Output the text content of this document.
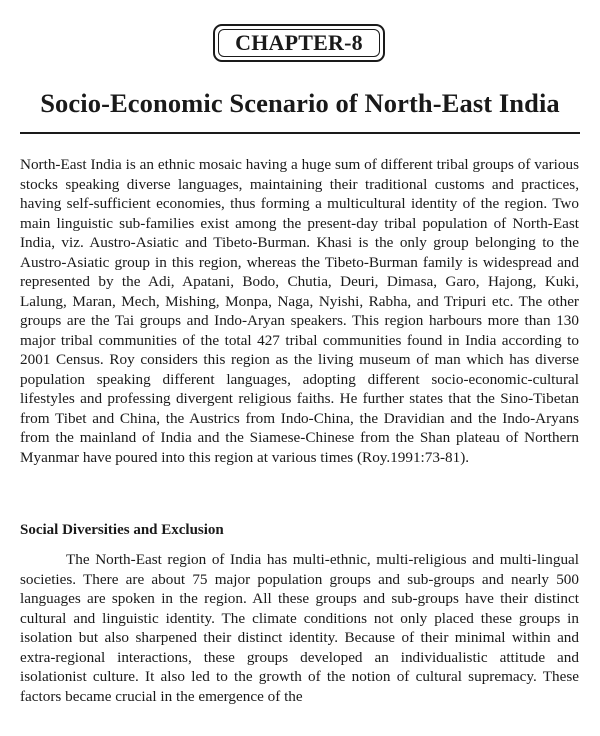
CHAPTER-8
Socio-Economic Scenario of North-East India

North-East India is an ethnic mosaic having a huge sum of different tribal groups of various stocks speaking diverse languages, maintaining their traditional customs and practices, having self-sufficient economies, thus forming a multicultural identity of the region. Two main linguistic sub-families exist among the present-day tribal population of North-East India, viz. Austro-Asiatic and Tibeto-Burman. Khasi is the only group belonging to the Austro-Asiatic group in this region, whereas the Tibeto-Burman family is widespread and represented by the Adi, Apatani, Bodo, Chutia, Deuri, Dimasa, Garo, Hajong, Kuki, Lalung, Maran, Mech, Mishing, Monpa, Naga, Nyishi, Rabha, and Tripuri etc. The other groups are the Tai groups and Indo-Aryan speakers. This region harbours more than 130 major tribal communities of the total 427 tribal communities found in India according to 2001 Census. Roy considers this region as the living museum of man which has diverse population speaking different languages, adopting different socio-economic-cultural lifestyles and professing divergent religious faiths. He further states that the Sino-Tibetan from Tibet and China, the Austrics from Indo-China, the Dravidian and the Indo-Aryans from the mainland of India and the Siamese-Chinese from the Shan plateau of Northern Myanmar have poured into this region at various times (Roy.1991:73-81).

Social Diversities and Exclusion

The North-East region of India has multi-ethnic, multi-religious and multi-lingual societies. There are about 75 major population groups and sub-groups and nearly 500 languages are spoken in the region. All these groups and sub-groups have their distinct cultural and linguistic identity. The climate conditions not only placed these groups in isolation but also sharpened their distinct identity. Because of their minimal within and extra-regional interactions, these groups developed an individualistic attitude and isolationist culture. It also led to the growth of the notion of cultural supremacy. These factors became crucial in the emergence of the
